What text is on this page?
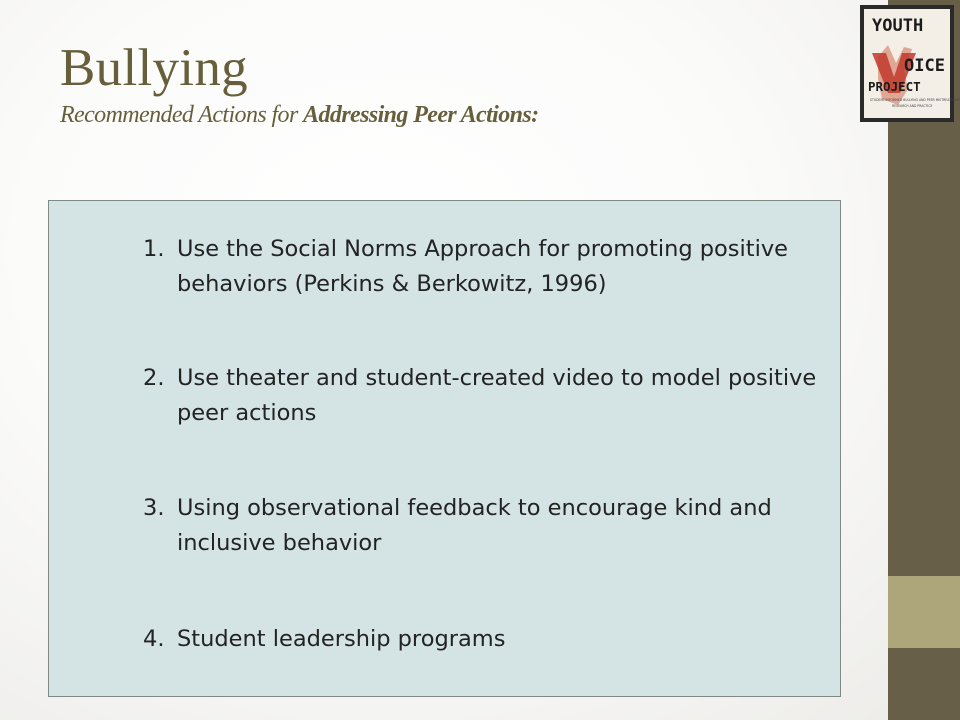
Bullying
Recommended Actions for Addressing Peer Actions:
YOUTH
OICE
PROJECT
STUDENT-INFORMED BULLYING AND PEER MISTREATMENT
RESEARCH AND PRACTICE
1. Use the Social Norms Approach for promoting positive behaviors (Perkins & Berkowitz, 1996)
2. Use theater and student-created video to model positive peer actions
3. Using observational feedback to encourage kind and inclusive behavior
4. Student leadership programs
